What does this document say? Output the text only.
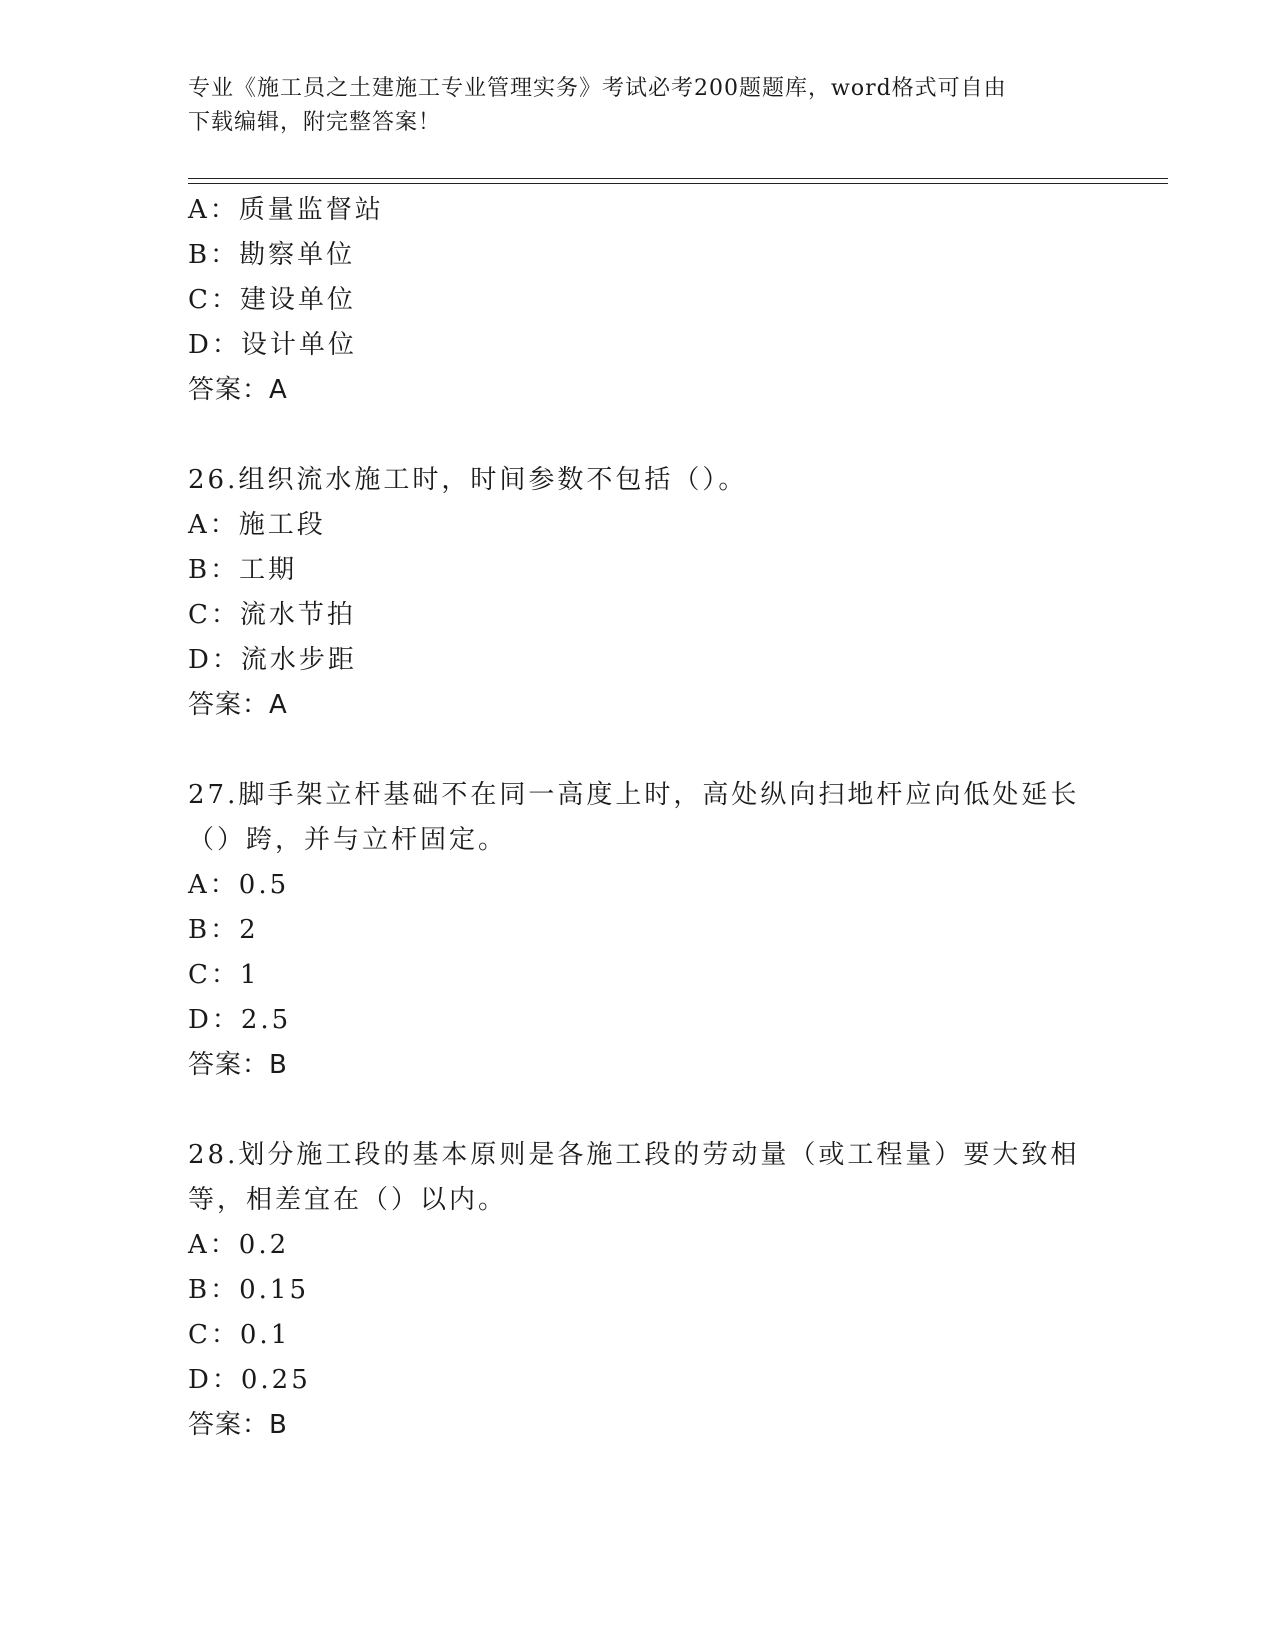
专业《施工员之土建施工专业管理实务》考试必考200题题库，word格式可自由
下载编辑，附完整答案！
A：质量监督站
B：勘察单位
C：建设单位
D：设计单位
答案：A
26.组织流水施工时，时间参数不包括（）。
A：施工段
B：工期
C：流水节拍
D：流水步距
答案：A
27.脚手架立杆基础不在同一高度上时，高处纵向扫地杆应向低处延长
（）跨，并与立杆固定。
A：0.5
B：2
C：1
D：2.5
答案：B
28.划分施工段的基本原则是各施工段的劳动量（或工程量）要大致相
等，相差宜在（）以内。
A：0.2
B：0.15
C：0.1
D：0.25
答案：B
